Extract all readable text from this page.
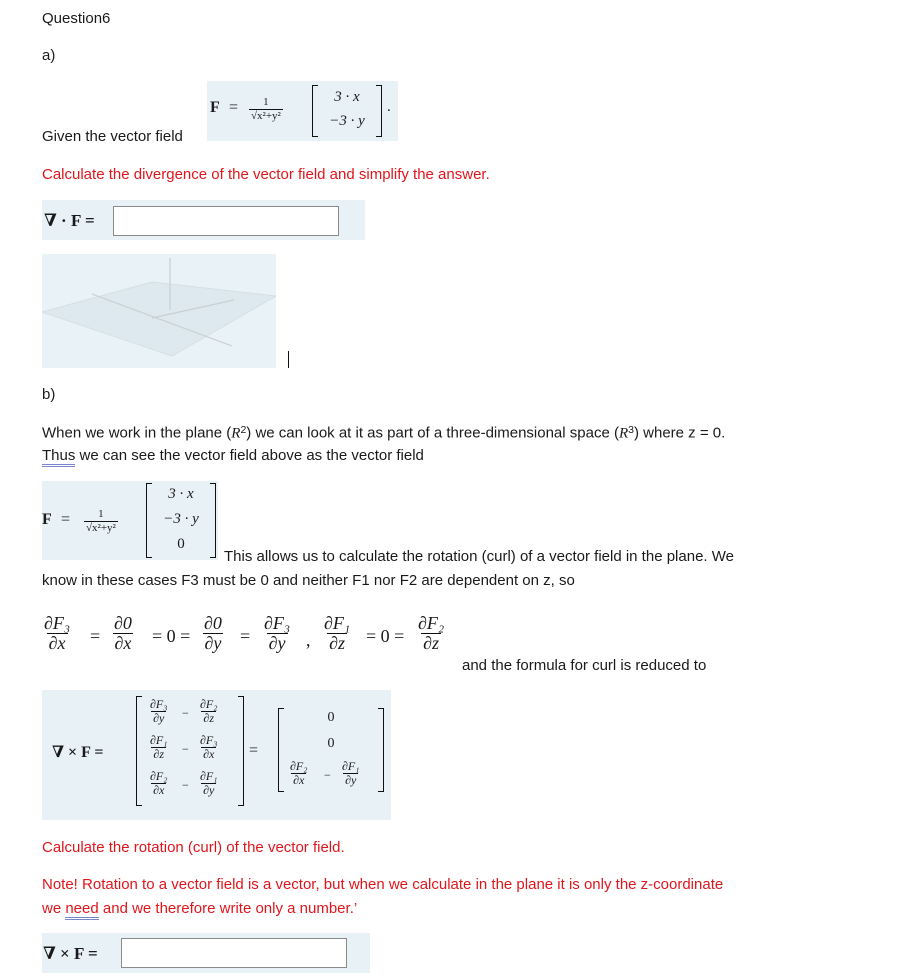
Question6
a)
$F = \frac{1}{\text{√x²+y²}}$	3 · x
−3 · y
.
Given the vector field
Calculate the divergence of the vector field and simplify the answer.
∇ · F =
b)
When we work in the plane $(R^2)$ we can look at it as part of a three-dimensional space $(R^3)$ where z = 0.
Thus we can see the vector field above as the vector field
$F = \frac{1}{\text{√x²+y²}}$
3 · x
−3 · y
0
This allows us to calculate the rotation (curl) of a vector field in the plane. We
know in these cases F3 must be 0 and neither F1 nor F2 are dependent on z, so
$\frac{\text{∂F₃}}{\partial x} = \frac{\partial 0}{\partial x} = 0 = \frac{\partial 0}{\partial y} = \frac{\text{∂F₃}}{\partial y}$ , $\frac{\text{∂F₁}}{\partial z} = 0 = \frac{\text{∂F₂}}{\partial z}$
and the formula for curl is reduced to
∇ × F =
$\frac{\text{∂F₃}}{\partial y} - \frac{\text{∂F₂}}{\partial z}$
$\frac{\text{∂F₁}}{\partial z} - \frac{\text{∂F₃}}{\partial x}$
$\frac{\text{∂F₂}}{\partial x} - \frac{\text{∂F₁}}{\partial y}$
=
0
0
$\frac{\text{∂F₂}}{\partial x} - \frac{\text{∂F₁}}{\partial y}$
Calculate the rotation (curl) of the vector field.
Note! Rotation to a vector field is a vector, but when we calculate in the plane it is only the z-coordinate
we need and we therefore write only a number.’
∇ × F =
